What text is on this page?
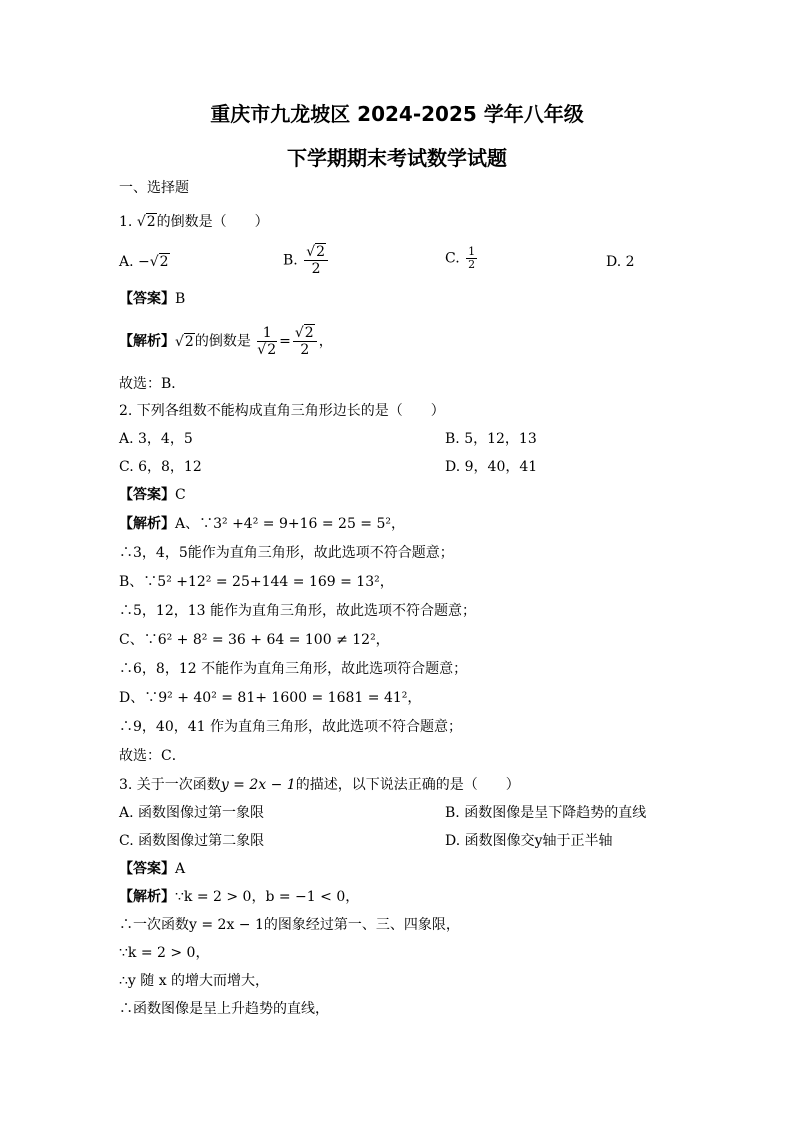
重庆市九龙坡区 2024-2025 学年八年级
下学期期末考试数学试题
一、选择题
1. √2的倒数是（　　）
A. −√2	B. $\frac{√2}{2}$	C. $\frac{1}{2}$	D. 2
【答案】B
【解析】√2的倒数是 $\frac{1}{√2} = \frac{√2}{2}$ ，
故选：B．
2. 下列各组数不能构成直角三角形边长的是（　　）
A. 3，4，5	B. 5，12，13
C. 6，8，12	D. 9，40，41
【答案】C
【解析】A、∵3² +4² = 9+16 = 25 = 5²，
∴3，4，5能作为直角三角形，故此选项不符合题意；
B、∵5² +12² = 25+144 = 169 = 13²，
∴5，12，13 能作为直角三角形，故此选项不符合题意；
C、∵6² + 8² = 36 + 64 = 100 ≠ 12²，
∴6，8，12 不能作为直角三角形，故此选项符合题意；
D、∵9² + 40² = 81+ 1600 = 1681 = 41²，
∴9，40，41 作为直角三角形，故此选项不符合题意；
故选：C．
3. 关于一次函数y = 2x − 1的描述，以下说法正确的是（　　）
A. 函数图像过第一象限	B. 函数图像是呈下降趋势的直线
C. 函数图像过第二象限	D. 函数图像交y轴于正半轴
【答案】A
【解析】∵k = 2 > 0，b = −1 < 0，
∴一次函数y = 2x − 1的图象经过第一、三、四象限，
∵k = 2 > 0，
∴y 随 x 的增大而增大，
∴函数图像是呈上升趋势的直线，
